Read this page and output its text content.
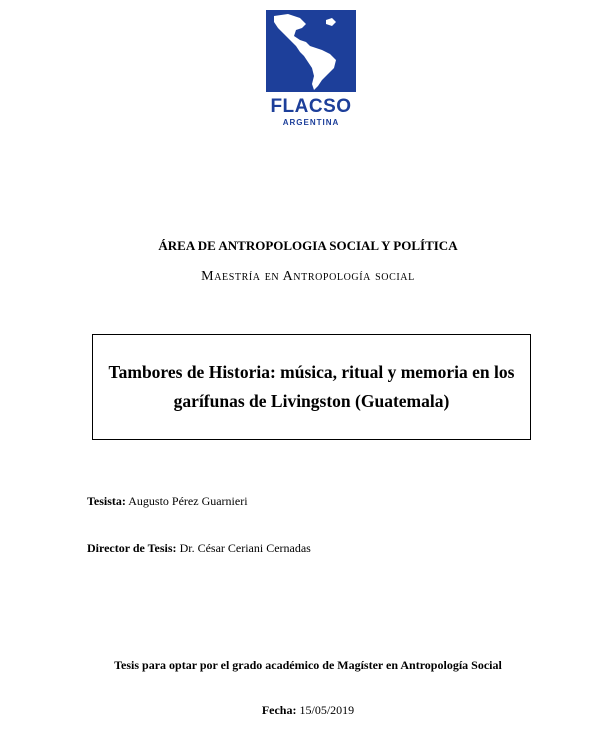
FLACSO
ARGENTINA
ÁREA DE ANTROPOLOGIA SOCIAL Y POLÍTICA
Maestría en Antropología social
Tambores de Historia: música, ritual y memoria en los garífunas de Livingston (Guatemala)
Tesista: Augusto Pérez Guarnieri
Director de Tesis: Dr. César Ceriani Cernadas
Tesis para optar por el grado académico de Magíster en Antropología Social
Fecha: 15/05/2019
